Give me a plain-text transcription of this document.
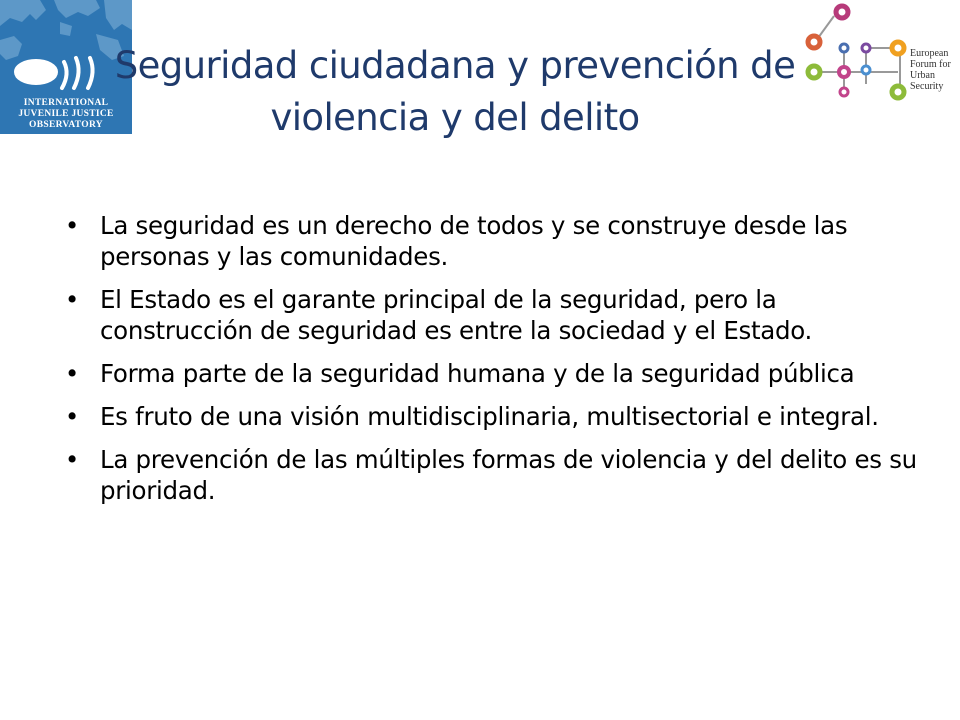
INTERNATIONAL
JUVENILE JUSTICE
OBSERVATORY
Seguridad ciudadana y prevención de
violencia y del delito
European
Forum for
Urban
Security
• La seguridad es un derecho de todos y se construye desde las personas y las comunidades.
• El Estado es el garante principal de la seguridad, pero la construcción de seguridad es entre la sociedad y el Estado.
• Forma parte de la seguridad humana y de la seguridad pública
• Es fruto de una visión multidisciplinaria, multisectorial e integral.
• La prevención de las múltiples formas de violencia y del delito es su prioridad.
